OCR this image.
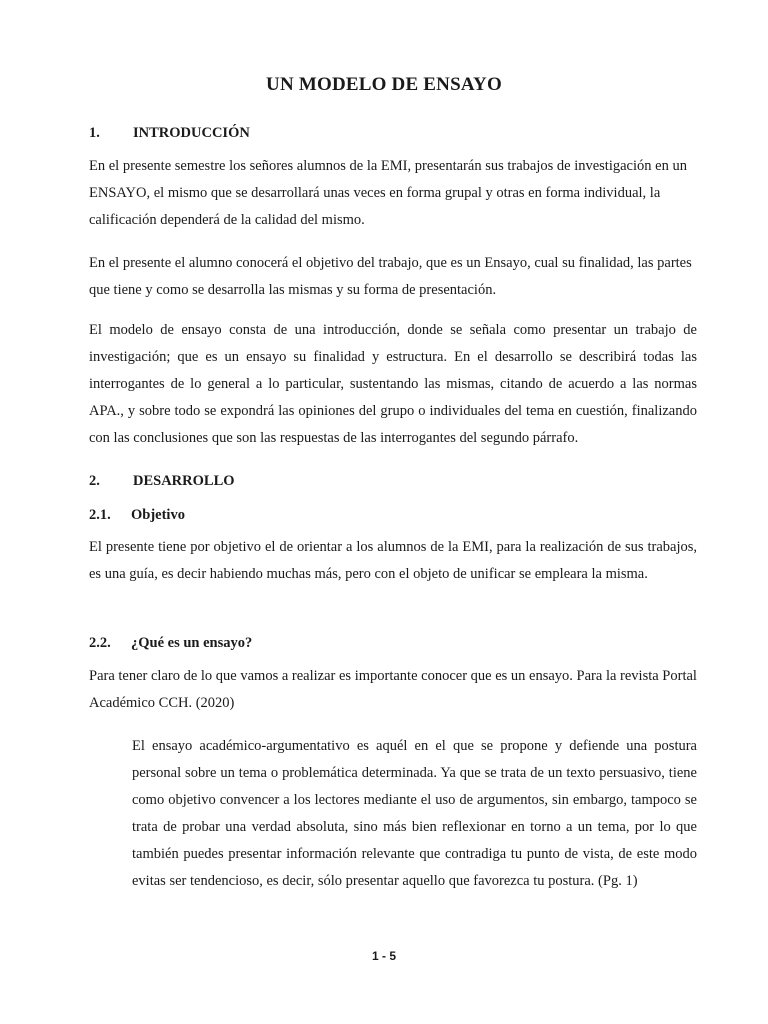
UN MODELO DE ENSAYO
1.	INTRODUCCIÓN

En el presente semestre los señores alumnos de la EMI, presentarán sus trabajos de investigación en un ENSAYO, el mismo que se desarrollará unas veces en forma grupal y otras en forma individual, la calificación dependerá de la calidad del mismo.

En el presente el alumno conocerá el objetivo del trabajo, que es un Ensayo, cual su finalidad, las partes que tiene y como se desarrolla las mismas y su forma de presentación.

El modelo de ensayo consta de una introducción, donde se señala como presentar un trabajo de investigación; que es un ensayo su finalidad y estructura. En el desarrollo se describirá todas las interrogantes de lo general a lo particular, sustentando las mismas, citando de acuerdo a las normas APA., y sobre todo se expondrá las opiniones del grupo o individuales del tema en cuestión, finalizando con las conclusiones que son las respuestas de las interrogantes del segundo párrafo.

2.	DESARROLLO
2.1.	Objetivo

El presente tiene por objetivo el de orientar a los alumnos de la EMI, para la realización de sus trabajos, es una guía, es decir habiendo muchas más, pero con el objeto de unificar se empleara la misma.

2.2.	¿Qué es un ensayo?

Para tener claro de lo que vamos a realizar es importante conocer que es un ensayo. Para la revista Portal Académico CCH. (2020)

El ensayo académico-argumentativo es aquél en el que se propone y defiende una postura personal sobre un tema o problemática determinada. Ya que se trata de un texto persuasivo, tiene como objetivo convencer a los lectores mediante el uso de argumentos, sin embargo, tampoco se trata de probar una verdad absoluta, sino más bien reflexionar en torno a un tema, por lo que también puedes presentar información relevante que contradiga tu punto de vista, de este modo evitas ser tendencioso, es decir, sólo presentar aquello que favorezca tu postura. (Pg. 1)

1 - 5
